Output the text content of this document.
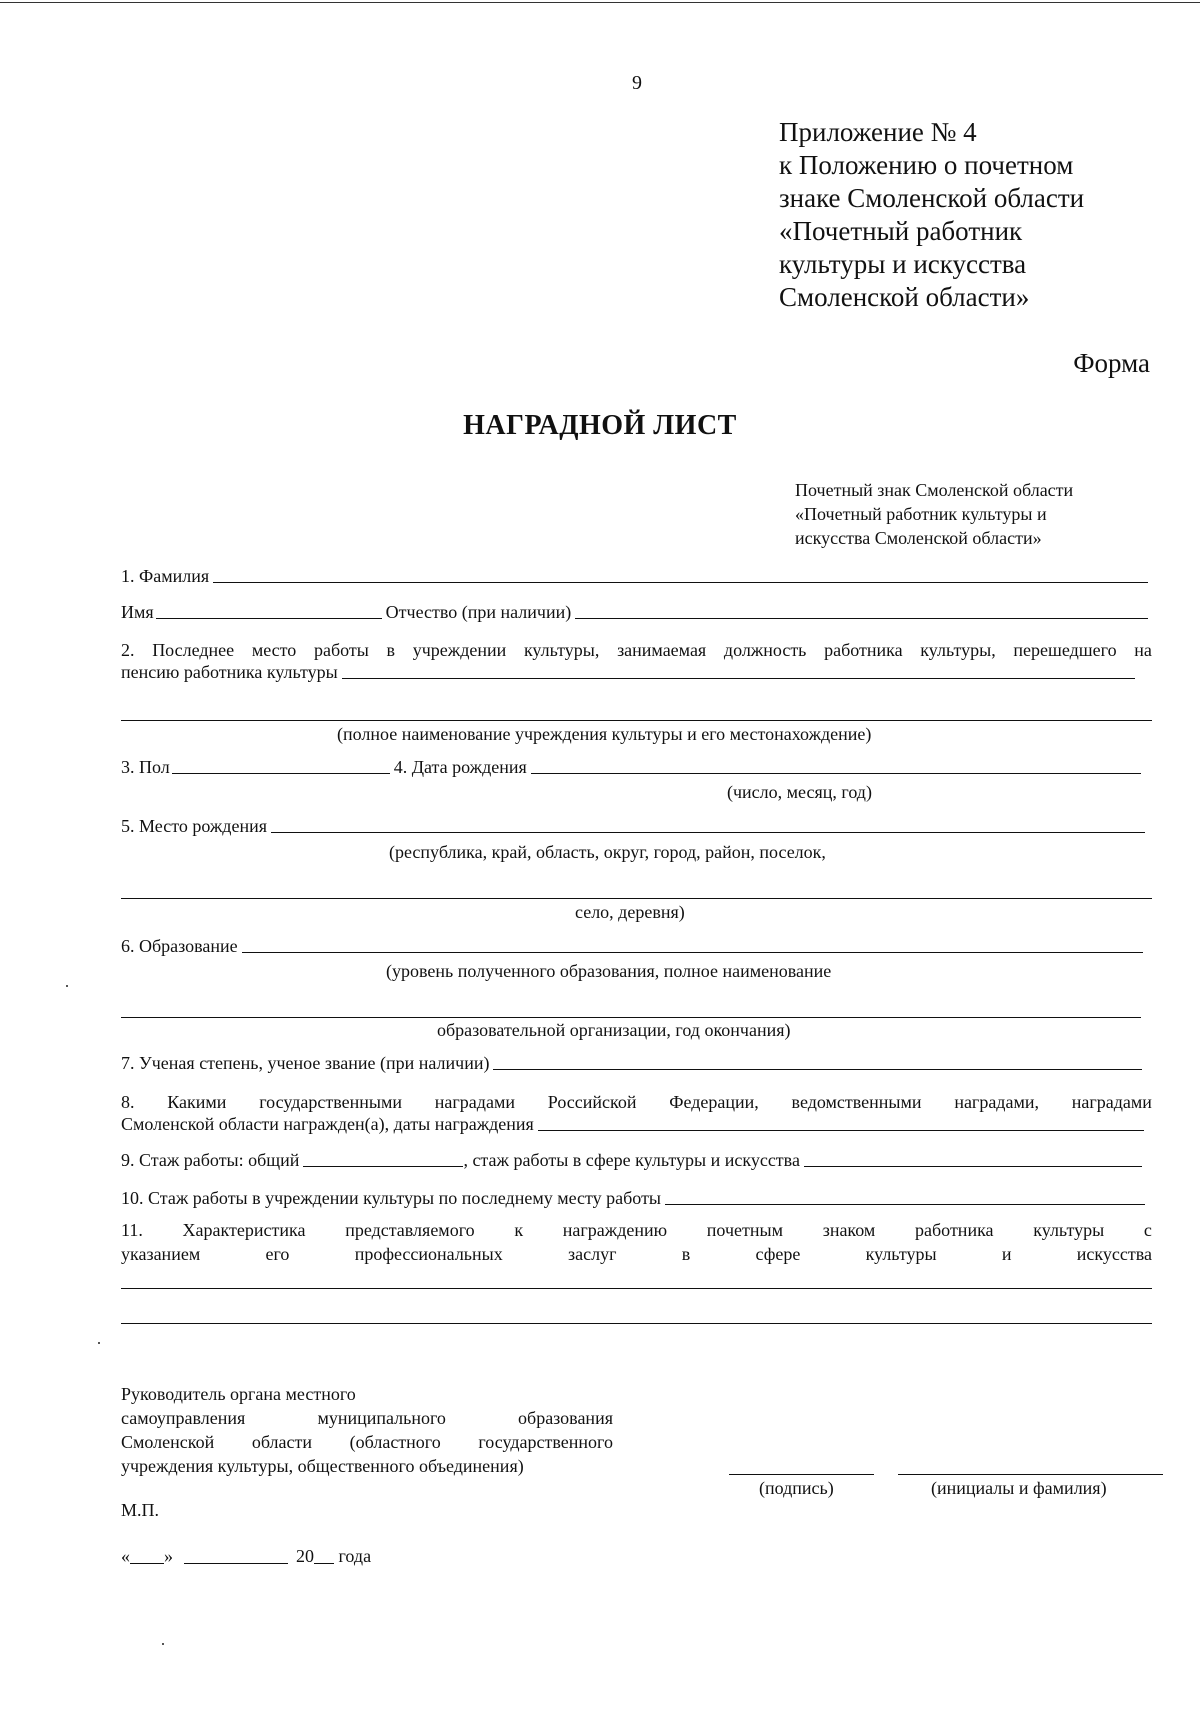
9
Приложение № 4
к Положению о почетном
знаке Смоленской области
«Почетный работник
культуры и искусства
Смоленской области»
Форма
НАГРАДНОЙ ЛИСТ
Почетный знак Смоленской области
«Почетный работник культуры и
искусства Смоленской области»
1. Фамилия
Имя	Отчество (при наличии)
2. Последнее место работы в учреждении культуры, занимаемая должность работника культуры, перешедшего на
пенсию работника культуры
(полное наименование учреждения культуры и его местонахождение)
3. Пол	4. Дата рождения
(число, месяц, год)
5. Место рождения
(республика, край, область, округ, город, район, поселок,
село, деревня)
6. Образование
(уровень полученного образования, полное наименование
образовательной организации, год окончания)
7. Ученая степень, ученое звание (при наличии)
8. Какими государственными наградами Российской Федерации, ведомственными наградами, наградами
Смоленской области награжден(а), даты награждения
9. Стаж работы: общий	, стаж работы в сфере культуры и искусства
10. Стаж работы в учреждении культуры по последнему месту работы
11. Характеристика представляемого к награждению почетным знаком работника культуры с
указанием	его	профессиональных	заслуг	в	сфере	культуры	и	искусства
Руководитель органа местного
самоуправления	муниципального	образования
Смоленской области (областного государственного
учреждения культуры, общественного объединения)
(подпись)	(инициалы и фамилия)
М.П.
« »	20 года
